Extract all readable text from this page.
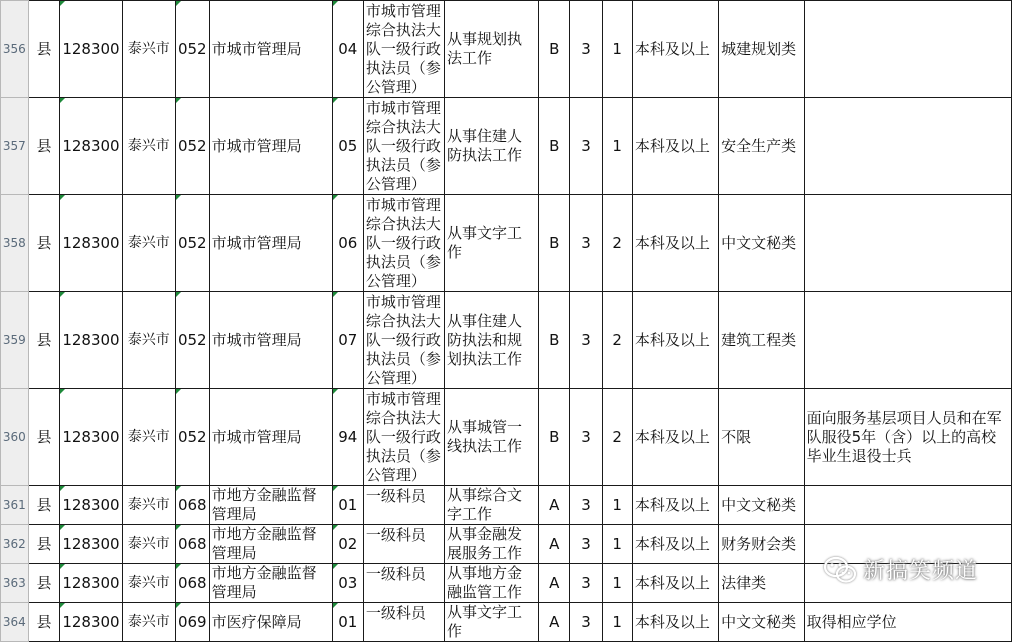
356	县	128300	泰兴市	052	市城市管理局	04	市城市管理综合执法大队一级行政执法员（参公管理）	从事规划执法工作	B	3	1	本科及以上	城建规划类	
357	县	128300	泰兴市	052	市城市管理局	05	市城市管理综合执法大队一级行政执法员（参公管理）	从事住建人防执法工作	B	3	1	本科及以上	安全生产类	
358	县	128300	泰兴市	052	市城市管理局	06	市城市管理综合执法大队一级行政执法员（参公管理）	从事文字工作	B	3	2	本科及以上	中文文秘类	
359	县	128300	泰兴市	052	市城市管理局	07	市城市管理综合执法大队一级行政执法员（参公管理）	从事住建人防执法和规划执法工作	B	3	2	本科及以上	建筑工程类	
360	县	128300	泰兴市	052	市城市管理局	94	市城市管理综合执法大队一级行政执法员（参公管理）	从事城管一线执法工作	B	3	2	本科及以上	不限	面向服务基层项目人员和在军队服役5年（含）以上的高校毕业生退役士兵
361	县	128300	泰兴市	068	市地方金融监督管理局	01	一级科员	从事综合文字工作	A	3	1	本科及以上	中文文秘类	
362	县	128300	泰兴市	068	市地方金融监督管理局	02	一级科员	从事金融发展服务工作	A	3	1	本科及以上	财务财会类	
363	县	128300	泰兴市	068	市地方金融监督管理局	03	一级科员	从事地方金融监管工作	A	3	1	本科及以上	法律类	
364	县	128300	泰兴市	069	市医疗保障局	01	一级科员	从事文字工作	A	3	1	本科及以上	中文文秘类	取得相应学位
新搞笑频道
